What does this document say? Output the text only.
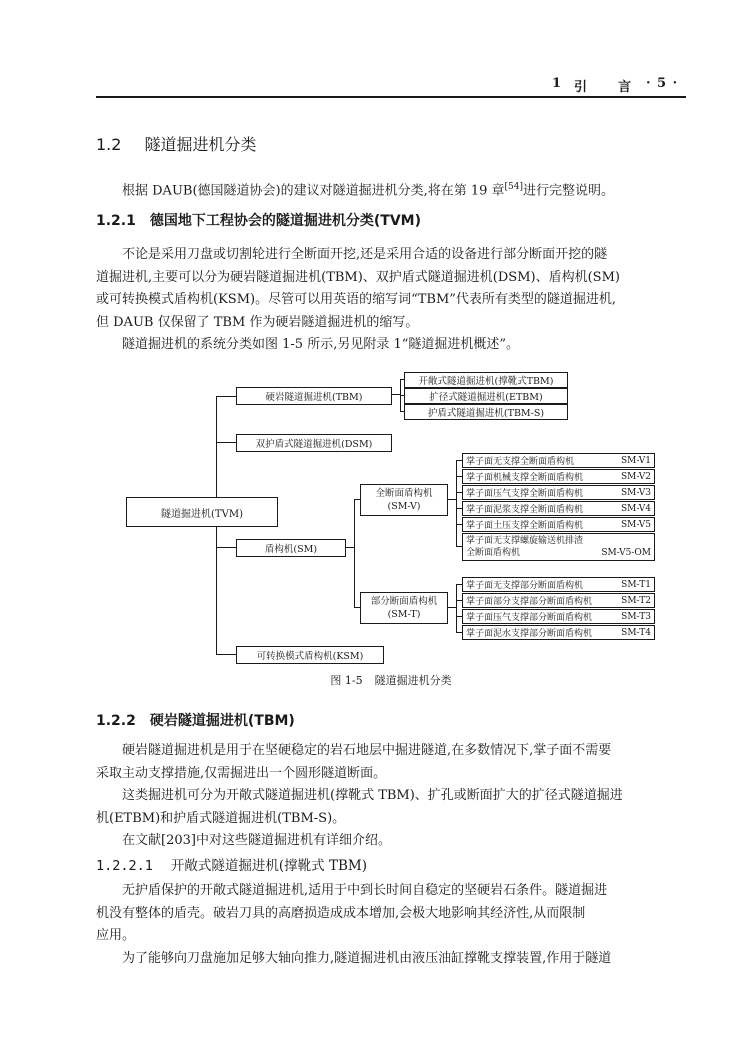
1 引 言 · 5 ·
1.2 隧道掘进机分类
根据 DAUB(德国隧道协会)的建议对隧道掘进机分类,将在第 19 章[54]进行完整说明。
1.2.1 德国地下工程协会的隧道掘进机分类(TVM)
不论是采用刀盘或切割轮进行全断面开挖,还是采用合适的设备进行部分断面开挖的隧
道掘进机,主要可以分为硬岩隧道掘进机(TBM)、双护盾式隧道掘进机(DSM)、盾构机(SM)
或可转换模式盾构机(KSM)。尽管可以用英语的缩写词“TBM”代表所有类型的隧道掘进机,
但 DAUB 仅保留了 TBM 作为硬岩隧道掘进机的缩写。
隧道掘进机的系统分类如图 1-5 所示,另见附录 1“隧道掘进机概述”。
隧道掘进机(TVM)
硬岩隧道掘进机(TBM)
双护盾式隧道掘进机(DSM)
盾构机(SM)
可转换模式盾构机(KSM)
开敞式隧道掘进机(撑靴式TBM)
扩径式隧道掘进机(ETBM)
护盾式隧道掘进机(TBM-S)
全断面盾构机
(SM-V)
部分断面盾构机
(SM-T)
掌子面无支撑全断面盾构机	SM-V1
掌子面机械支撑全断面盾构机	SM-V2
掌子面压气支撑全断面盾构机	SM-V3
掌子面泥浆支撑全断面盾构机	SM-V4
掌子面土压支撑全断面盾构机	SM-V5
掌子面无支撑螺旋输送机排渣
全断面盾构机	SM-V5-OM
掌子面无支撑部分断面盾构机	SM-T1
掌子面部分支撑部分断面盾构机	SM-T2
掌子面压气支撑部分断面盾构机	SM-T3
掌子面泥水支撑部分断面盾构机	SM-T4
图 1-5 隧道掘进机分类
1.2.2 硬岩隧道掘进机(TBM)
硬岩隧道掘进机是用于在坚硬稳定的岩石地层中掘进隧道,在多数情况下,掌子面不需要
采取主动支撑措施,仅需掘进出一个圆形隧道断面。
这类掘进机可分为开敞式隧道掘进机(撑靴式 TBM)、扩孔或断面扩大的扩径式隧道掘进
机(ETBM)和护盾式隧道掘进机(TBM-S)。
在文献[203]中对这些隧道掘进机有详细介绍。
1.2.2.1 开敞式隧道掘进机(撑靴式 TBM)
无护盾保护的开敞式隧道掘进机,适用于中到长时间自稳定的坚硬岩石条件。隧道掘进
机没有整体的盾壳。破岩刀具的高磨损造成成本增加,会极大地影响其经济性,从而限制
应用。
为了能够向刀盘施加足够大轴向推力,隧道掘进机由液压油缸撑靴支撑装置,作用于隧道
